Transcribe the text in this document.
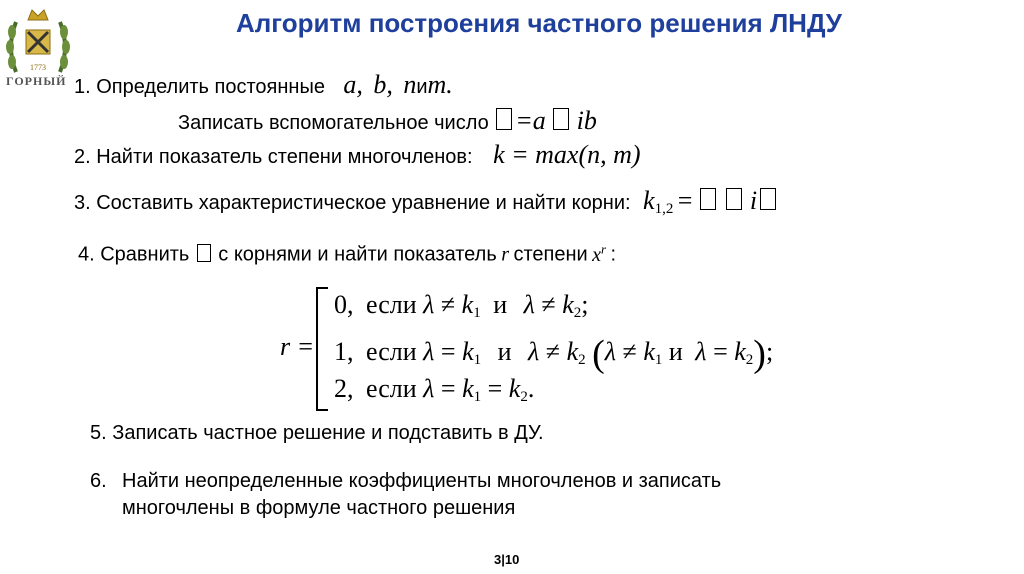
1773
ГОРНЫЙ
Алгоритм построения частного решения ЛНДУ
1. Определить постоянные a, b, nиm.
Записать вспомогательное число =a ib
2. Найти показатель степени многочленов: k = max(n, m)
3. Составить характеристическое уравнение и найти корни: $k_{1,2} = i$
4. Сравнить с корнями и найти показатель r степени $x^r$ :
r =
0, если $\lambda \ne k_1$ и $\lambda \ne k_2$;
1, если $\lambda = k_1$ и $\lambda \ne k_2$ ($\lambda \ne k_1$ и $\lambda = k_2$);
2, если $\lambda = k_1 = k_2$.
5. Записать частное решение и подставить в ДУ.
6. Найти неопределенные коэффициенты многочленов и записать
многочлены в формуле частного решения
3|10
